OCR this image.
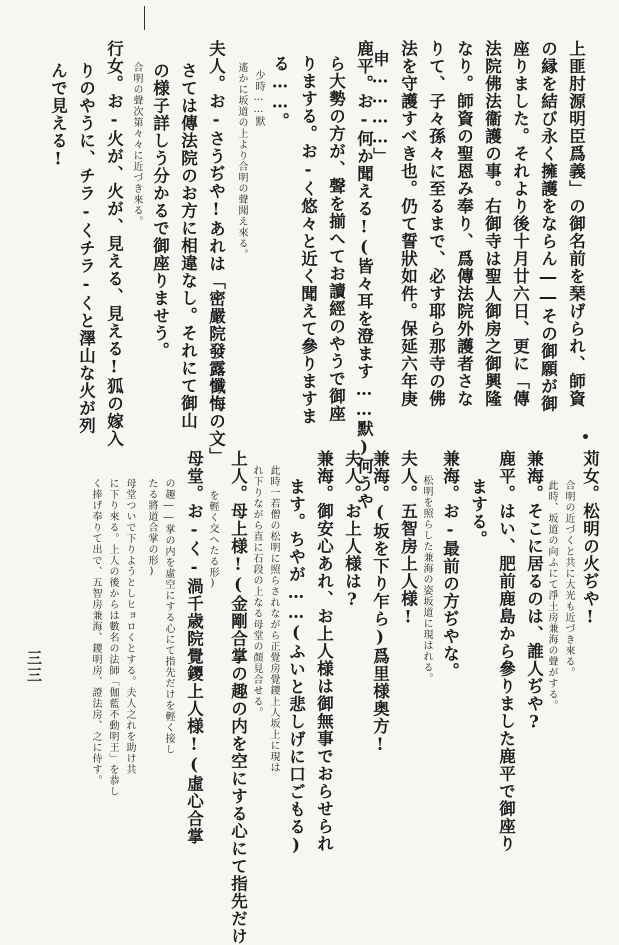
上匪肘源明臣爲義」の御名前を琹げられ、師資
の縁を結び永く擁護をならん――その御願が御
座りました。それより後十月廿六日、更に「傳
法院佛法衞護の事。右御寺は聖人御房之御興隆
なり。師資の聖恩み奉り、爲傳法院外護者さな
りて、子々孫々に至るまで、必す耶ら那寺の佛
法を守護すべき也。仍て誓狀如件。保延六年庚
申…………」
鹿平。お-何か聞える!(皆々耳を澄ます……默)何うや
ら大勢の方が、聲を揃へてお讀經のやうで御座
りまする。お-く悠々と近く聞えて參りますま
る……。
少時……默
遙かに坂道の上より合明の聲聞え來る。
夫人。お-さうぢや!あれは「密嚴院發露懺悔の文」
さては傳法院のお方に相違なし。それにて御山
の様子詳しう分かるで御座りませう。
合明の聲次第々々に近づき來る。
行女。お-火が、火が、見える、見える!狐の嫁入
りのやうに、チラ-くチラ-くと澤山な火が列
んで見える!
苅女。松明の火ぢや!
合明の近づくと共に大光も近づき來る。
此時、坂道の向ふにて淨土房兼海の聲がする。
兼海。そこに居るのは、誰人ぢや?
鹿平。はい、肥前鹿島から參りました鹿平で御座り
まする。
兼海。お-最前の方ぢやな。
松明を照らした兼海の姿坂道に現はれる。
夫人。五智房上人様!
兼海。(坂を下り乍ら)爲里様奥方!
夫人。お上人様は?
兼海。御安心あれ、お上人様は御無事でおらせられ
ます。ちやが……(ふいと悲しげに口ごもる)
此時一若僧の松明に照らされながら正覺房覺鑁上人坂上に現は
れ下りながら直に石段の上なる母堂の顏見合せる。
上人。母上様!(金剛合掌の趣の内を空にする心にて指先だけ
を輕く交へたる形)
母堂。お-く-渦千歳院覺鑁上人様!(虛心合掌
の趣――掌の内を虛空にする心にて指先だけを輕く接し
たる將道合掌の形)
母堂ついで下りようとしヒョロくとする。夫人之れを助け共
に下り來る。上人の後からは數名の法師「伽藍不動明王」を恭し
く捧げ奉りて出で、五智房兼海、鑁明房、證法房、之に侍す。
三三
